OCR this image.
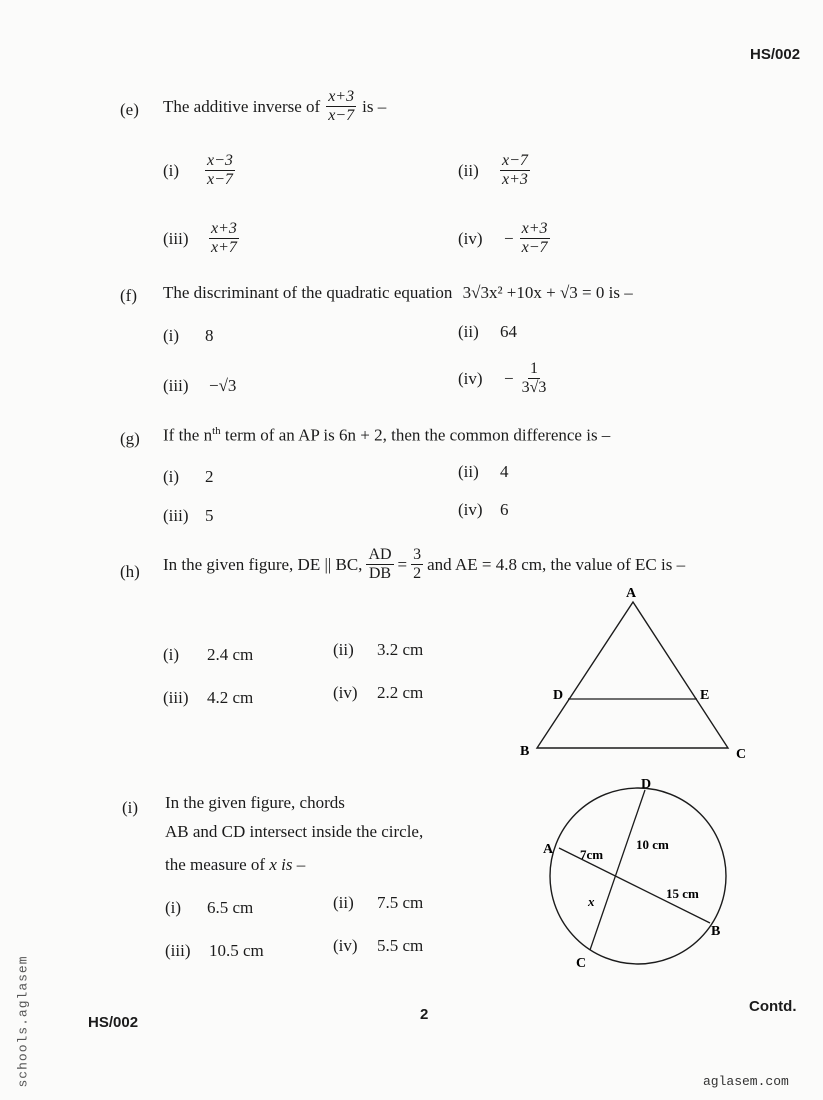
HS/002
(e) The additive inverse of $\frac{x+3}{x-7}$ is –
(i)	$\frac{x-3}{x-7}$	(ii)	$\frac{x-7}{x+3}$
(iii)	$\frac{x+3}{x+7}$	(iv)	− $\frac{x+3}{x-7}$
(f) The discriminant of the quadratic equation 3√3x² +10x + √3 = 0 is –
(i)	8	(ii)	64
(iii)	−√3	(iv)	− $\frac{1}{3√3}$
(g) If the $n^{th}$ term of an AP is 6n + 2, then the common difference is –
(i)	2	(ii)	4
(iii) 5	(iv)	6
(h) In the given figure, DE || BC, $\frac{AD}{DB} = \frac{3}{2}$ and AE = 4.8 cm, the value of EC is –
(i)	2.4 cm	(ii)	3.2 cm
(iii)	4.2 cm	(iv)	2.2 cm
A
B	C
D	E
(i) In the given figure, chords
AB and CD intersect inside the circle,
the measure of x is –
(i)	6.5 cm	(ii)	7.5 cm
(iii)	10.5 cm	(iv)	5.5 cm
D
A
B
C
7cm
10 cm
15 cm
x
HS/002	2	Contd.
schools.aglasem	aglasem.com
